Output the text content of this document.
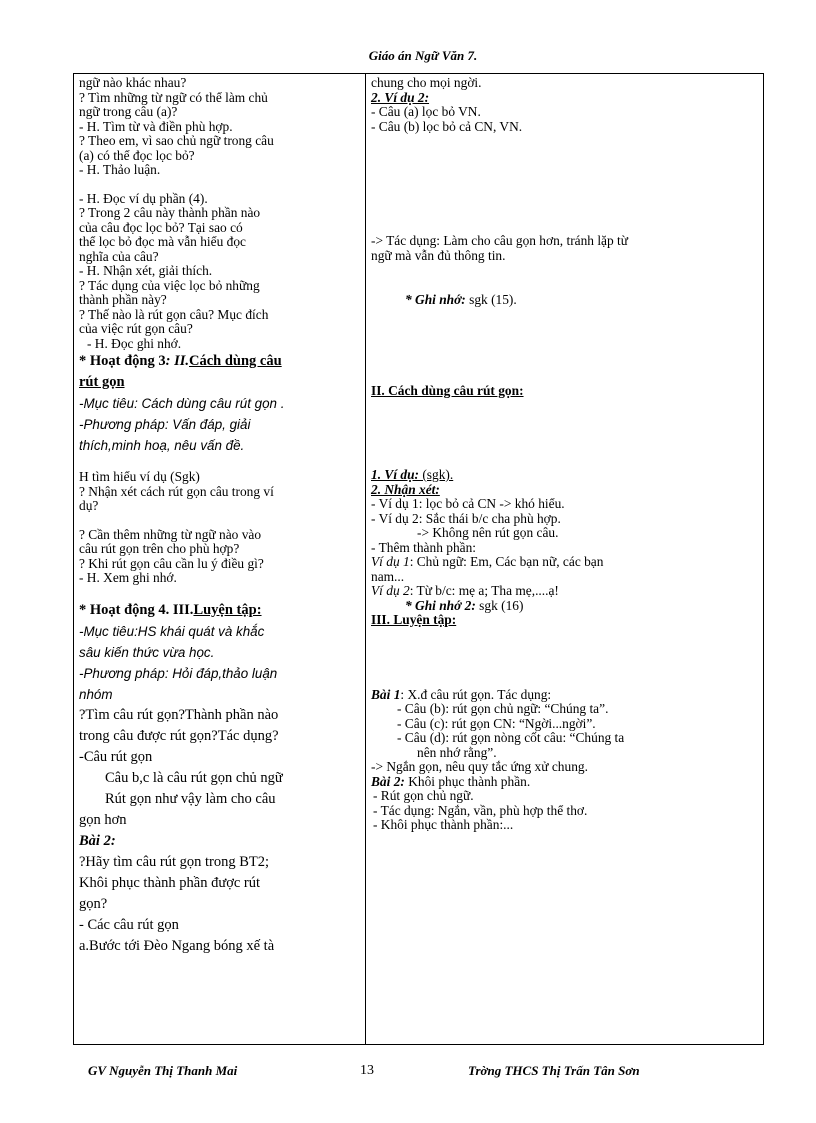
Giáo án Ngữ Văn 7.
ngữ nào khác nhau?
? Tìm những từ ngữ có thể làm chủ
ngữ trong câu (a)?
- H. Tìm từ và điền phù hợp.
? Theo em, vì sao chủ ngữ trong câu
(a) có thể đọc lọc bỏ?
- H. Thảo luận.
- H. Đọc ví dụ phần (4).
? Trong 2 câu này thành phần nào
của câu đọc lọc bỏ? Tại sao có
thể lọc bỏ đọc mà vẫn hiểu đọc
nghĩa của câu?
- H. Nhận xét, giải thích.
? Tác dụng của việc lọc bỏ những
thành phần này?
? Thế nào là rút gọn câu? Mục đích
của việc rút gọn câu?
- H. Đọc ghi nhớ.
* Hoạt động 3: II.Cách dùng câu
rút gọn
-Mục tiêu: Cách dùng câu rút gọn .
-Phương pháp: Vấn đáp, giải
thích,minh hoạ, nêu vấn đề.
H tìm hiểu ví dụ (Sgk)
? Nhận xét cách rút gọn câu trong ví
dụ?
? Cần thêm những từ ngữ nào vào
câu rút gọn trên cho phù hợp?
? Khi rút gọn câu cần lu ý điều gì?
- H. Xem ghi nhớ.
* Hoạt động 4. III.Luyện tập:
-Mục tiêu:HS khái quát và khắc
sâu kiến thức vừa học.
-Phương pháp: Hỏi đáp,thảo luận
nhóm
?Tìm câu rút gọn?Thành phần nào
trong câu được rút gọn?Tác dụng?
-Câu rút gọn
Câu b,c là câu rút gọn chủ ngữ
Rút gọn như vậy làm cho câu
gọn hơn
Bài 2:
?Hãy tìm câu rút gọn trong BT2;
Khôi phục thành phần được rút
gọn?
- Các câu rút gọn
a.Bước tới Đèo Ngang bóng xế tà

chung cho mọi ngời.
2. Ví dụ 2:
- Câu (a) lọc bỏ VN.
- Câu (b) lọc bỏ cả CN, VN.
-> Tác dụng: Làm cho câu gọn hơn, tránh lặp từ
ngữ mà vẫn đủ thông tin.
* Ghi nhớ: sgk (15).
II. Cách dùng câu rút gọn:
1. Ví dụ: (sgk).
2. Nhận xét:
- Ví dụ 1: lọc bỏ cả CN -> khó hiểu.
- Ví dụ 2: Sắc thái b/c cha phù hợp.
-> Không nên rút gọn câu.
- Thêm thành phần:
Ví dụ 1: Chủ ngữ: Em, Các bạn nữ, các bạn
nam...
Ví dụ 2: Từ b/c: mẹ a; Tha mẹ,....ạ!
* Ghi nhớ 2: sgk (16)
III. Luyện tập:
Bài 1: X.đ câu rút gọn. Tác dụng:
- Câu (b): rút gọn chủ ngữ: “Chúng ta”.
- Câu (c): rút gọn CN: “Ngời...ngời”.
- Câu (d): rút gọn nòng cốt câu: “Chúng ta
nên nhớ rằng”.
-> Ngắn gọn, nêu quy tắc ứng xử chung.
Bài 2: Khôi phục thành phần.
- Rút gọn chủ ngữ.
- Tác dụng: Ngắn, vần, phù hợp thể thơ.
- Khôi phục thành phần:...
GV Nguyễn Thị Thanh Mai	13	Trờng THCS Thị Trấn Tân Sơn
